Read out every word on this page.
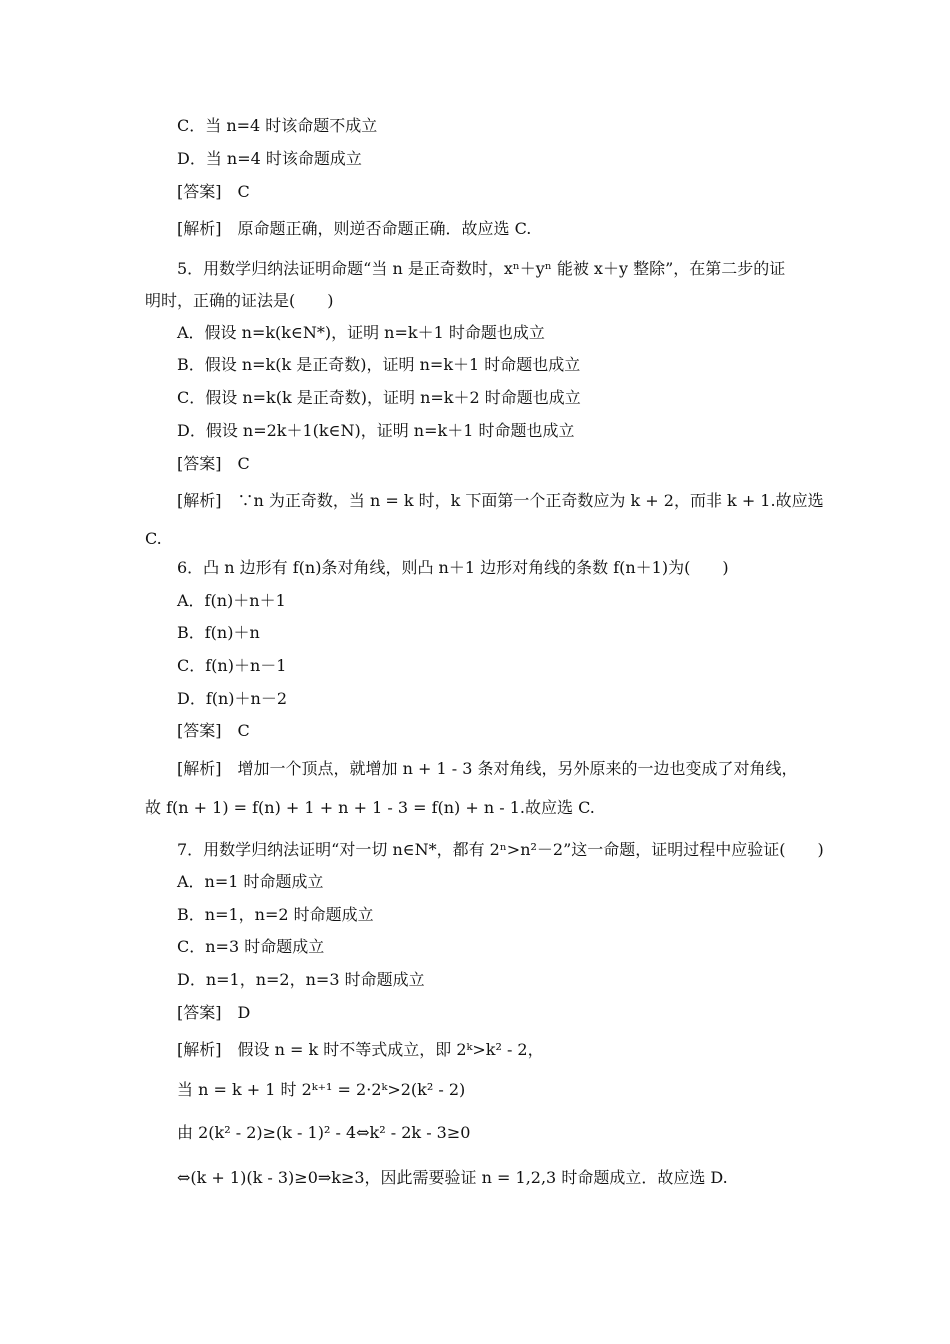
C．当 n=4 时该命题不成立
D．当 n=4 时该命题成立
[答案]　C
[解析]　原命题正确，则逆否命题正确．故应选 C.
5．用数学归纳法证明命题“当 n 是正奇数时，xⁿ＋yⁿ 能被 x＋y 整除”，在第二步的证
明时，正确的证法是(　　)
A．假设 n=k(k∈N*)，证明 n=k＋1 时命题也成立
B．假设 n=k(k 是正奇数)，证明 n=k＋1 时命题也成立
C．假设 n=k(k 是正奇数)，证明 n=k＋2 时命题也成立
D．假设 n=2k＋1(k∈N)，证明 n=k＋1 时命题也成立
[答案]　C
[解析]　∵n 为正奇数，当 n = k 时，k 下面第一个正奇数应为 k + 2，而非 k + 1.故应选
C.
6．凸 n 边形有 f(n)条对角线，则凸 n＋1 边形对角线的条数 f(n＋1)为(　　)
A．f(n)＋n＋1
B．f(n)＋n
C．f(n)＋n－1
D．f(n)＋n－2
[答案]　C
[解析]　增加一个顶点，就增加 n + 1 - 3 条对角线，另外原来的一边也变成了对角线，
故 f(n + 1) = f(n) + 1 + n + 1 - 3 = f(n) + n - 1.故应选 C.
7．用数学归纳法证明“对一切 n∈N*，都有 2ⁿ>n²－2”这一命题，证明过程中应验证(　　)
A．n=1 时命题成立
B．n=1，n=2 时命题成立
C．n=3 时命题成立
D．n=1，n=2，n=3 时命题成立
[答案]　D
[解析]　假设 n = k 时不等式成立，即 2ᵏ>k² - 2，
当 n = k + 1 时 2ᵏ⁺¹ = 2·2ᵏ>2(k² - 2)
由 2(k² - 2)≥(k - 1)² - 4⇔k² - 2k - 3≥0
⇔(k + 1)(k - 3)≥0⇒k≥3，因此需要验证 n = 1,2,3 时命题成立．故应选 D.
